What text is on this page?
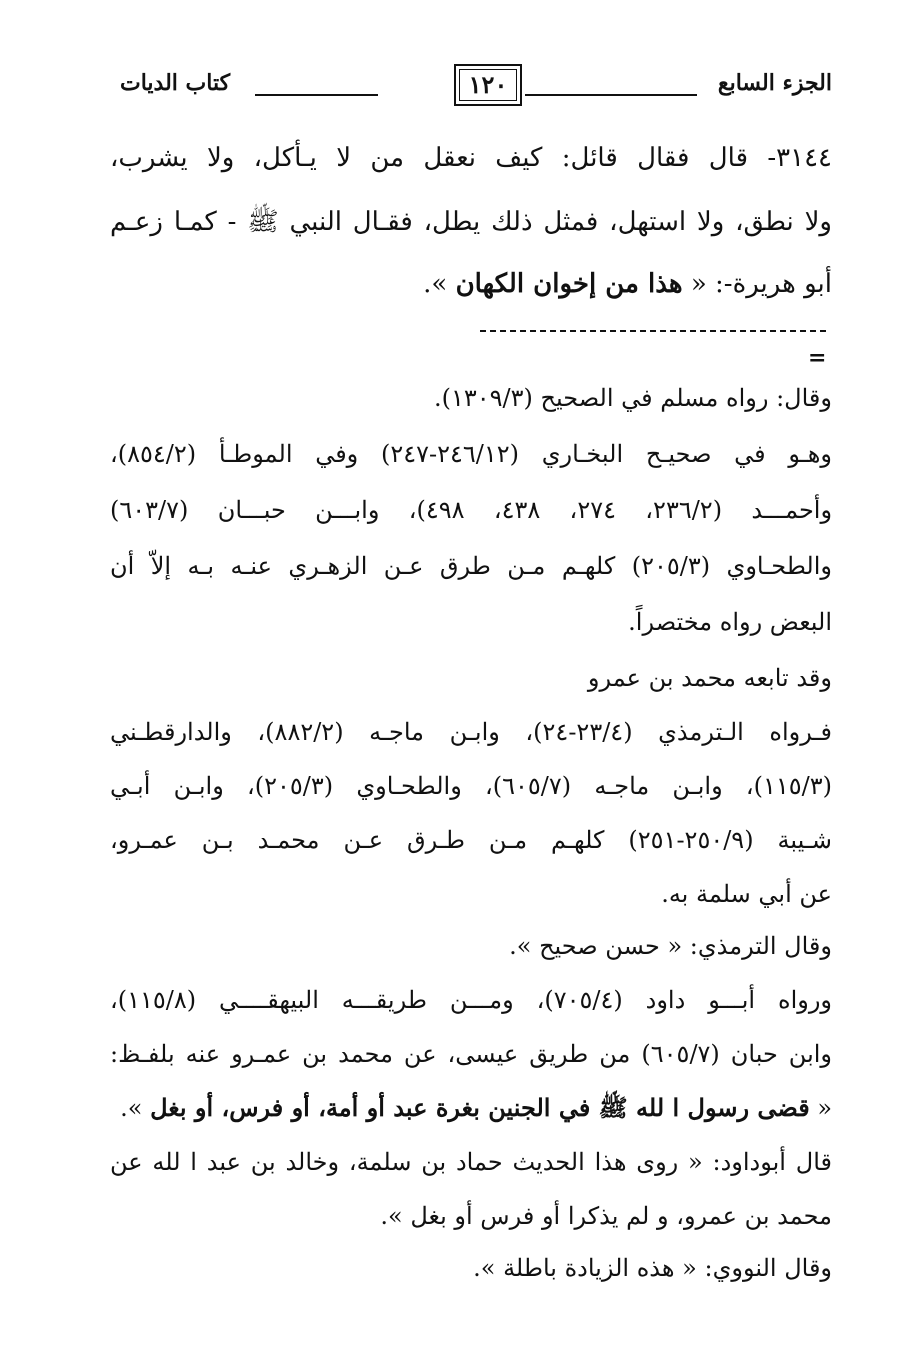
الجزء السابع
١٢٠
كتاب الديات
٣١٤٤- قال فقال قائل: كيف نعقل من لا يـأكل، ولا يشرب،
ولا نطق، ولا استهل، فمثل ذلك يطل، فقـال النبي ﷺ - كمـا زعـم
أبو هريرة-: « هذا من إخوان الكهان ».
وقال: رواه مسلم في الصحيح (١٣٠٩/٣).
وهـو في صحيـح البخـاري (٢٤٦/١٢-٢٤٧) وفي الموطـأ (٨٥٤/٢)،
وأحمـــد (٢٣٦/٢، ٢٧٤، ٤٣٨، ٤٩٨)، وابـــن حبـــان (٦٠٣/٧)
والطحـاوي (٢٠٥/٣) كلهـم مـن طرق عـن الزهـري عنـه بـه إلاّ أن
البعض رواه مختصراً.
وقد تابعه محمد بن عمرو
فـرواه الـترمذي (٢٣/٤-٢٤)، وابـن ماجـه (٨٨٢/٢)، والدارقطـني
(١١٥/٣)، وابـن ماجـه (٦٠٥/٧)، والطحـاوي (٢٠٥/٣)، وابـن أبـي
شـيبة (٢٥٠/٩-٢٥١) كلهـم مـن طـرق عـن محمـد بـن عمـرو،
عن أبي سلمة به.
وقال الترمذي: « حسن صحيح ».
ورواه أبـــو داود (٧٠٥/٤)، ومـــن طريقـــه البيهقــــي (١١٥/٨)،
وابن حبان (٦٠٥/٧) من طريق عيسى، عن محمد بن عمـرو عنه بلفـظ:
« قضى رسول ا لله ﷺ في الجنين بغرة عبد أو أمة، أو فرس، أو بغل ».
قال أبوداود: « روى هذا الحديث حماد بن سلمة، وخالد بن عبد ا لله عن
محمد بن عمرو، و لم يذكرا أو فرس أو بغل ».
وقال النووي: « هذه الزيادة باطلة ».
=
